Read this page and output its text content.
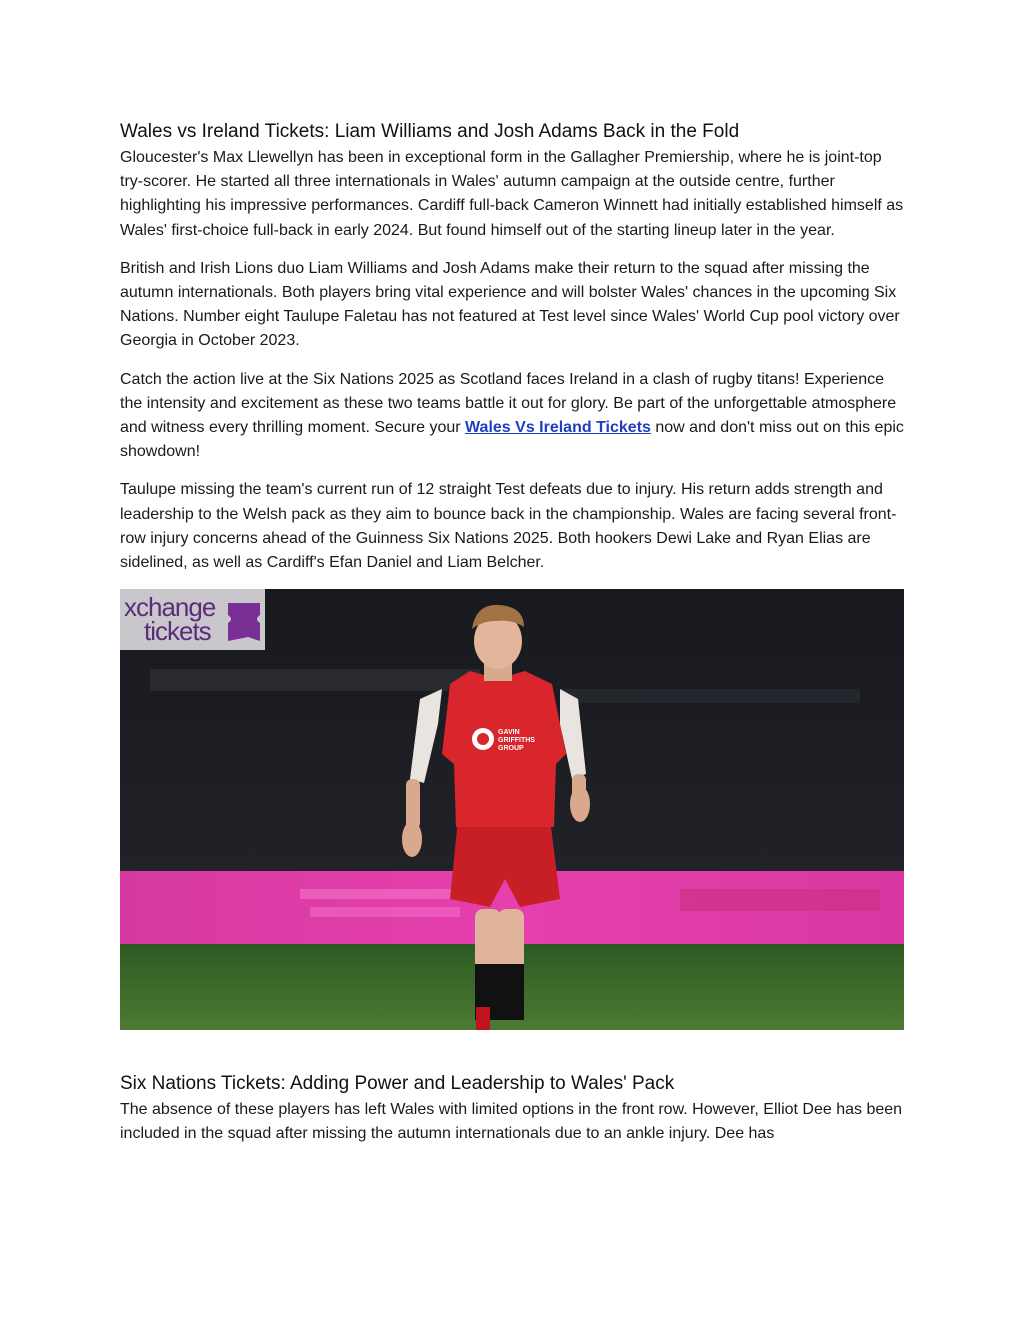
Wales vs Ireland Tickets: Liam Williams and Josh Adams Back in the Fold

Gloucester's Max Llewellyn has been in exceptional form in the Gallagher Premiership, where he is joint-top try-scorer. He started all three internationals in Wales' autumn campaign at the outside centre, further highlighting his impressive performances. Cardiff full-back Cameron Winnett had initially established himself as Wales' first-choice full-back in early 2024. But found himself out of the starting lineup later in the year.

British and Irish Lions duo Liam Williams and Josh Adams make their return to the squad after missing the autumn internationals. Both players bring vital experience and will bolster Wales' chances in the upcoming Six Nations. Number eight Taulupe Faletau has not featured at Test level since Wales' World Cup pool victory over Georgia in October 2023.

Catch the action live at the Six Nations 2025 as Scotland faces Ireland in a clash of rugby titans! Experience the intensity and excitement as these two teams battle it out for glory. Be part of the unforgettable atmosphere and witness every thrilling moment. Secure your Wales Vs Ireland Tickets now and don't miss out on this epic showdown!

Taulupe missing the team's current run of 12 straight Test defeats due to injury. His return adds strength and leadership to the Welsh pack as they aim to bounce back in the championship. Wales are facing several front-row injury concerns ahead of the Guinness Six Nations 2025. Both hookers Dewi Lake and Ryan Elias are sidelined, as well as Cardiff's Efan Daniel and Liam Belcher.

GAVIN
GRIFFITHS
GROUP
xchange
tickets
Six Nations Tickets: Adding Power and Leadership to Wales' Pack

The absence of these players has left Wales with limited options in the front row. However, Elliot Dee has been included in the squad after missing the autumn internationals due to an ankle injury. Dee has
